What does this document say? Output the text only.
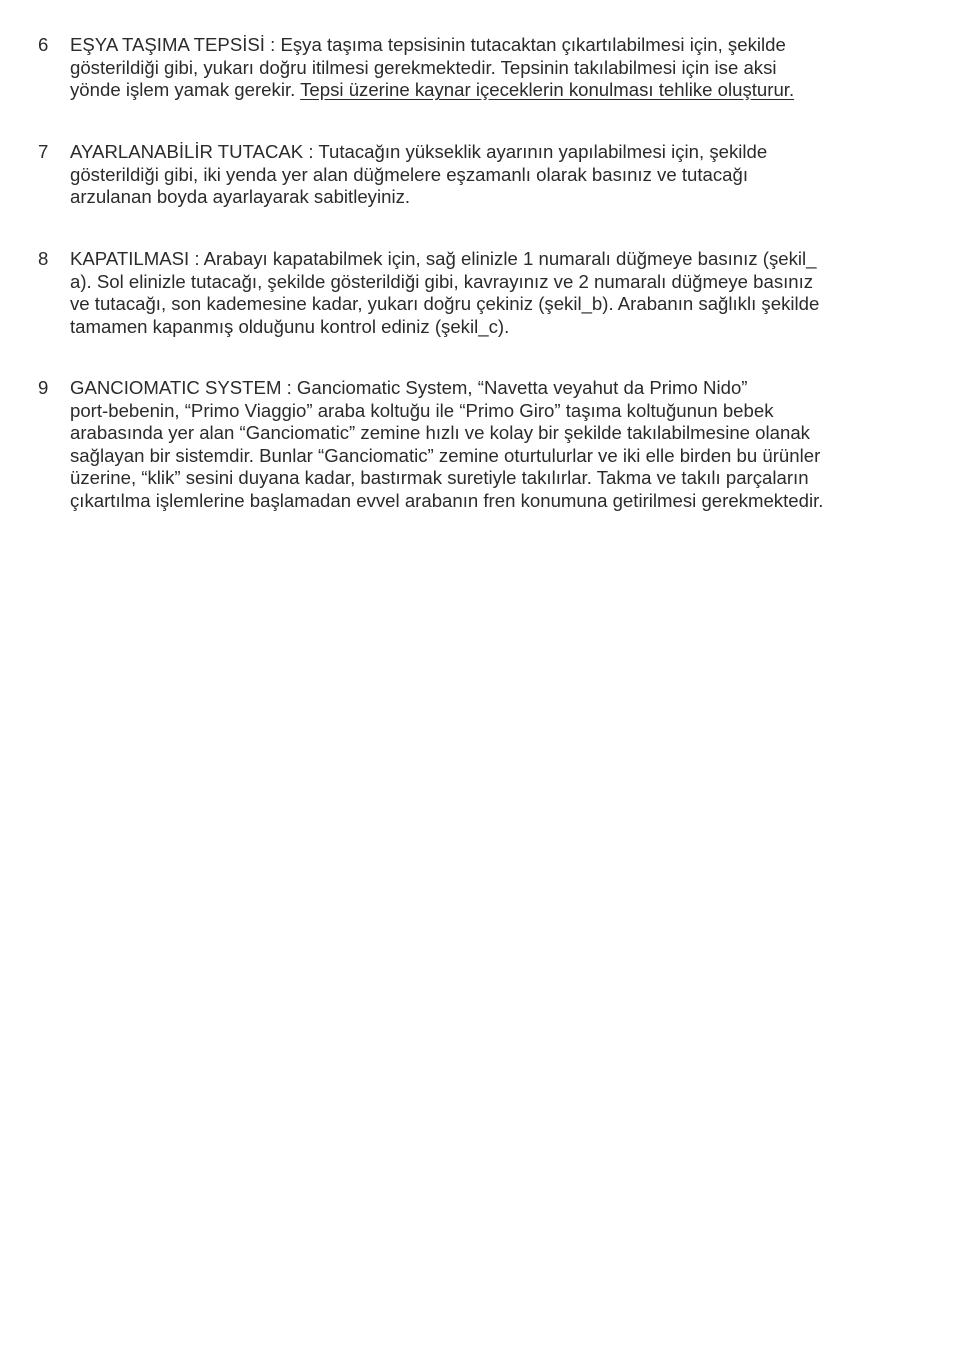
6	EŞYA TAŞIMA TEPSİSİ : Eşya taşıma tepsisinin tutacaktan çıkartılabilmesi için, şekilde
gösterildiği gibi, yukarı doğru itilmesi gerekmektedir. Tepsinin takılabilmesi için ise aksi
yönde işlem yamak gerekir. Tepsi üzerine kaynar içeceklerin konulması tehlike oluşturur.
7	AYARLANABİLİR TUTACAK : Tutacağın yükseklik ayarının yapılabilmesi için, şekilde
gösterildiği gibi, iki yenda yer alan düğmelere eşzamanlı olarak basınız ve tutacağı
arzulanan boyda ayarlayarak sabitleyiniz.
8	KAPATILMASI : Arabayı kapatabilmek için, sağ elinizle 1 numaralı düğmeye basınız (şekil_
a). Sol elinizle tutacağı, şekilde gösterildiği gibi, kavrayınız ve 2 numaralı düğmeye basınız
ve tutacağı, son kademesine kadar, yukarı doğru çekiniz (şekil_b). Arabanın sağlıklı şekilde
tamamen kapanmış olduğunu kontrol ediniz (şekil_c).
9	GANCIOMATIC SYSTEM : Ganciomatic System, “Navetta veyahut da Primo Nido”
port-bebenin, “Primo Viaggio” araba koltuğu ile “Primo Giro” taşıma koltuğunun bebek
arabasında yer alan “Ganciomatic” zemine hızlı ve kolay bir şekilde takılabilmesine olanak
sağlayan bir sistemdir. Bunlar “Ganciomatic” zemine oturtulurlar ve iki elle birden bu ürünler
üzerine, “klik” sesini duyana kadar, bastırmak suretiyle takılırlar. Takma ve takılı parçaların
çıkartılma işlemlerine başlamadan evvel arabanın fren konumuna getirilmesi gerekmektedir.
